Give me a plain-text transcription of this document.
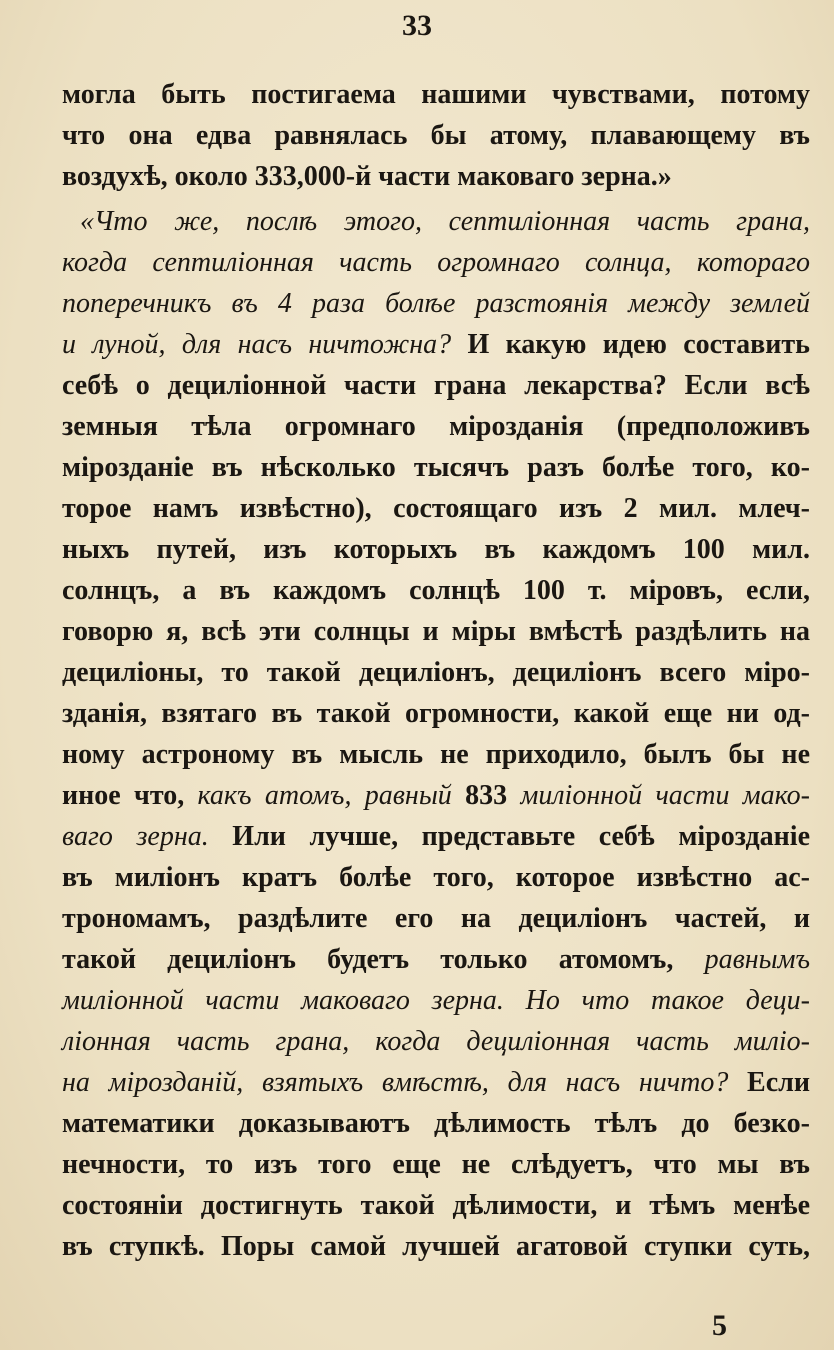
33
могла быть постигаема нашими чувствами, потому
что она едва равнялась бы атому, плавающему въ
воздухѣ, около 333,000-й части маковаго зерна.»
«Что же, послѣ этого, септиліонная часть грана,
когда септиліонная часть огромнаго солнца, котораго
поперечникъ въ 4 раза болѣе разстоянія между землей
и луной, для насъ ничтожна? И какую идею составить
себѣ о дециліонной части грана лекарства? Если всѣ
земныя тѣла огромнаго мірозданія (предположивъ
мірозданіе въ нѣсколько тысячъ разъ болѣе того, ко-
торое намъ извѣстно), состоящаго изъ 2 мил. млеч-
ныхъ путей, изъ которыхъ въ каждомъ 100 мил.
солнцъ, а въ каждомъ солнцѣ 100 т. міровъ, если,
говорю я, всѣ эти солнцы и міры вмѣстѣ раздѣлить на
дециліоны, то такой дециліонъ, дециліонъ всего міро-
зданія, взятаго въ такой огромности, какой еще ни од-
ному астроному въ мысль не приходило, былъ бы не
иное что, какъ атомъ, равный 833 миліонной части мако-
ваго зерна. Или лучше, представьте себѣ мірозданіе
въ миліонъ кратъ болѣе того, которое извѣстно ас-
трономамъ, раздѣлите его на дециліонъ частей, и
такой дециліонъ будетъ только атомомъ, равнымъ
миліонной части маковаго зерна. Но что такое деци-
ліонная часть грана, когда дециліонная часть миліо-
на мірозданій, взятыхъ вмѣстѣ, для насъ ничто? Если
математики доказываютъ дѣлимость тѣлъ до безко-
нечности, то изъ того еще не слѣдуетъ, что мы въ
состояніи достигнуть такой дѣлимости, и тѣмъ менѣе
въ ступкѣ. Поры самой лучшей агатовой ступки суть,
5
